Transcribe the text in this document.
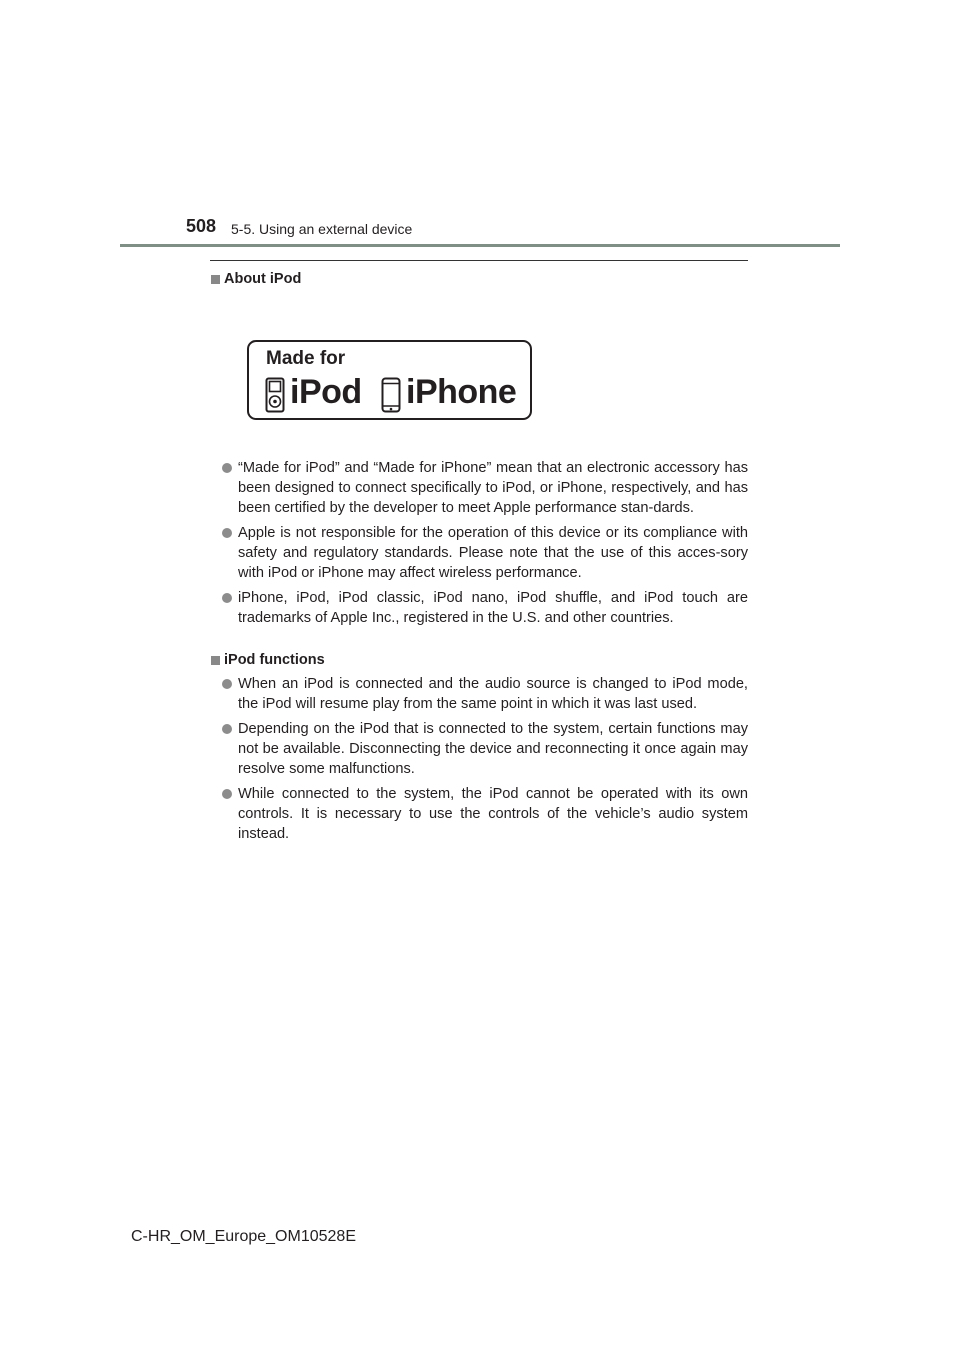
508 5-5. Using an external device
About iPod
Made for
iPod iPhone
“Made for iPod” and “Made for iPhone” mean that an electronic accessory has been designed to connect specifically to iPod, or iPhone, respectively, and has been certified by the developer to meet Apple performance stan-dards.
Apple is not responsible for the operation of this device or its compliance with safety and regulatory standards. Please note that the use of this acces-sory with iPod or iPhone may affect wireless performance.
iPhone, iPod, iPod classic, iPod nano, iPod shuffle, and iPod touch are trademarks of Apple Inc., registered in the U.S. and other countries.
iPod functions
When an iPod is connected and the audio source is changed to iPod mode, the iPod will resume play from the same point in which it was last used.
Depending on the iPod that is connected to the system, certain functions may not be available. Disconnecting the device and reconnecting it once again may resolve some malfunctions.
While connected to the system, the iPod cannot be operated with its own controls. It is necessary to use the controls of the vehicle’s audio system instead.
C-HR_OM_Europe_OM10528E
